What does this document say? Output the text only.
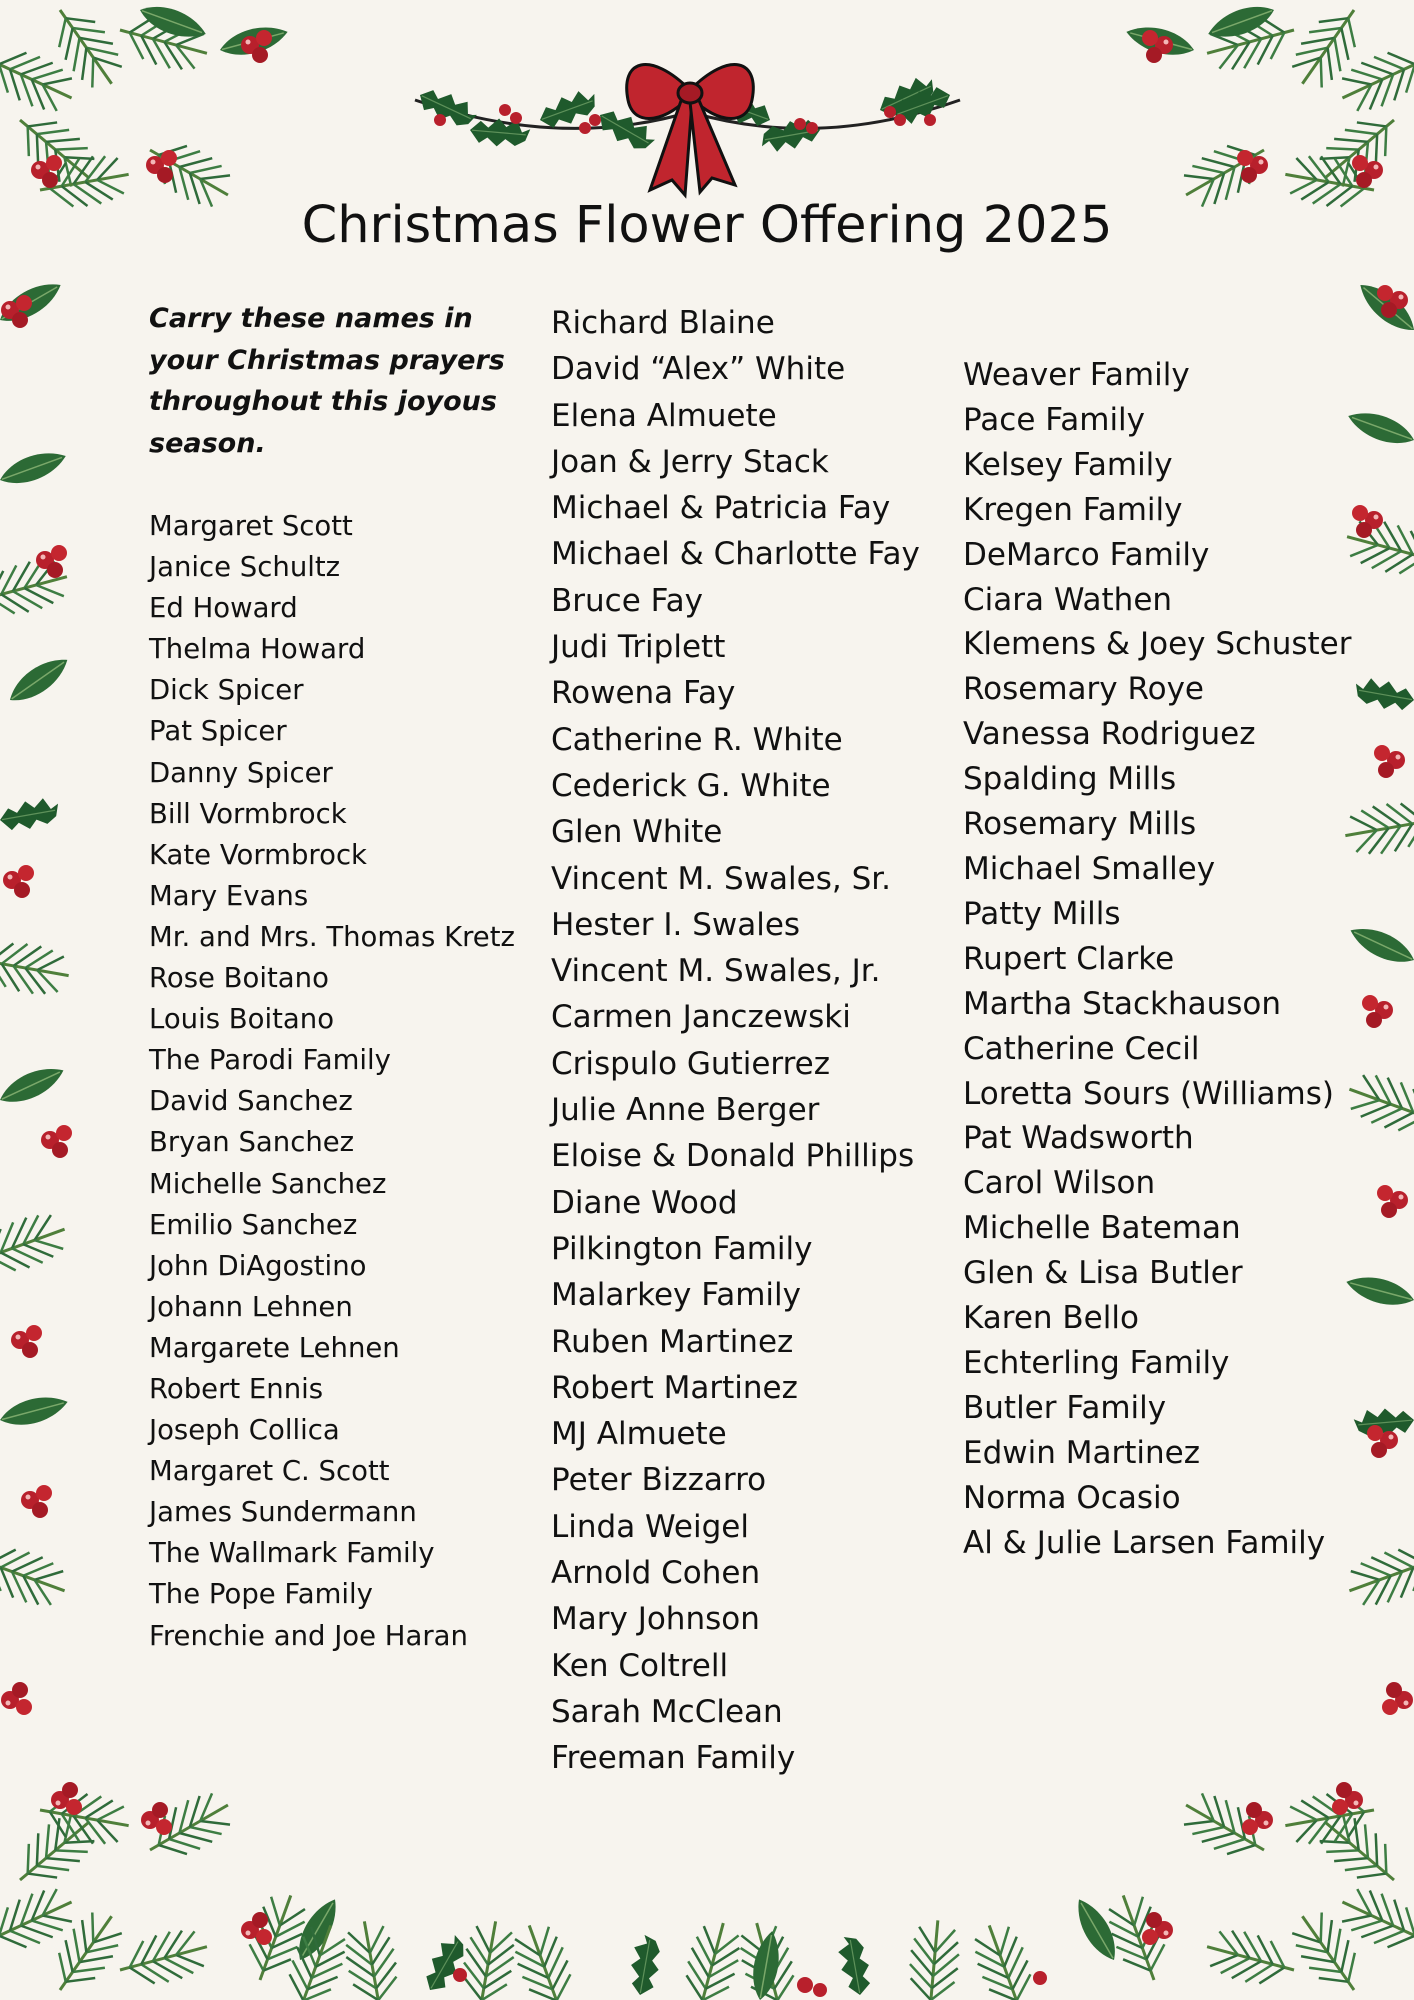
Christmas Flower Offering 2025

Carry these names in your Christmas prayers throughout this joyous season.

Margaret Scott
Janice Schultz
Ed Howard
Thelma Howard
Dick Spicer
Pat Spicer
Danny Spicer
Bill Vormbrock
Kate Vormbrock
Mary Evans
Mr. and Mrs. Thomas Kretz
Rose Boitano
Louis Boitano
The Parodi Family
David Sanchez
Bryan Sanchez
Michelle Sanchez
Emilio Sanchez
John DiAgostino
Johann Lehnen
Margarete Lehnen
Robert Ennis
Joseph Collica
Margaret C. Scott
James Sundermann
The Wallmark Family
The Pope Family
Frenchie and Joe Haran
Richard Blaine
David “Alex” White
Elena Almuete
Joan & Jerry Stack
Michael & Patricia Fay
Michael & Charlotte Fay
Bruce Fay
Judi Triplett
Rowena Fay
Catherine R. White
Cederick G. White
Glen White
Vincent M. Swales, Sr.
Hester I. Swales
Vincent M. Swales, Jr.
Carmen Janczewski
Crispulo Gutierrez
Julie Anne Berger
Eloise & Donald Phillips
Diane Wood
Pilkington Family
Malarkey Family
Ruben Martinez
Robert Martinez
MJ Almuete
Peter Bizzarro
Linda Weigel
Arnold Cohen
Mary Johnson
Ken Coltrell
Sarah McClean
Freeman Family
Weaver Family
Pace Family
Kelsey Family
Kregen Family
DeMarco Family
Ciara Wathen
Klemens & Joey Schuster
Rosemary Roye
Vanessa Rodriguez
Spalding Mills
Rosemary Mills
Michael Smalley
Patty Mills
Rupert Clarke
Martha Stackhauson
Catherine Cecil
Loretta Sours (Williams)
Pat Wadsworth
Carol Wilson
Michelle Bateman
Glen & Lisa Butler
Karen Bello
Echterling Family
Butler Family
Edwin Martinez
Norma Ocasio
Al & Julie Larsen Family
